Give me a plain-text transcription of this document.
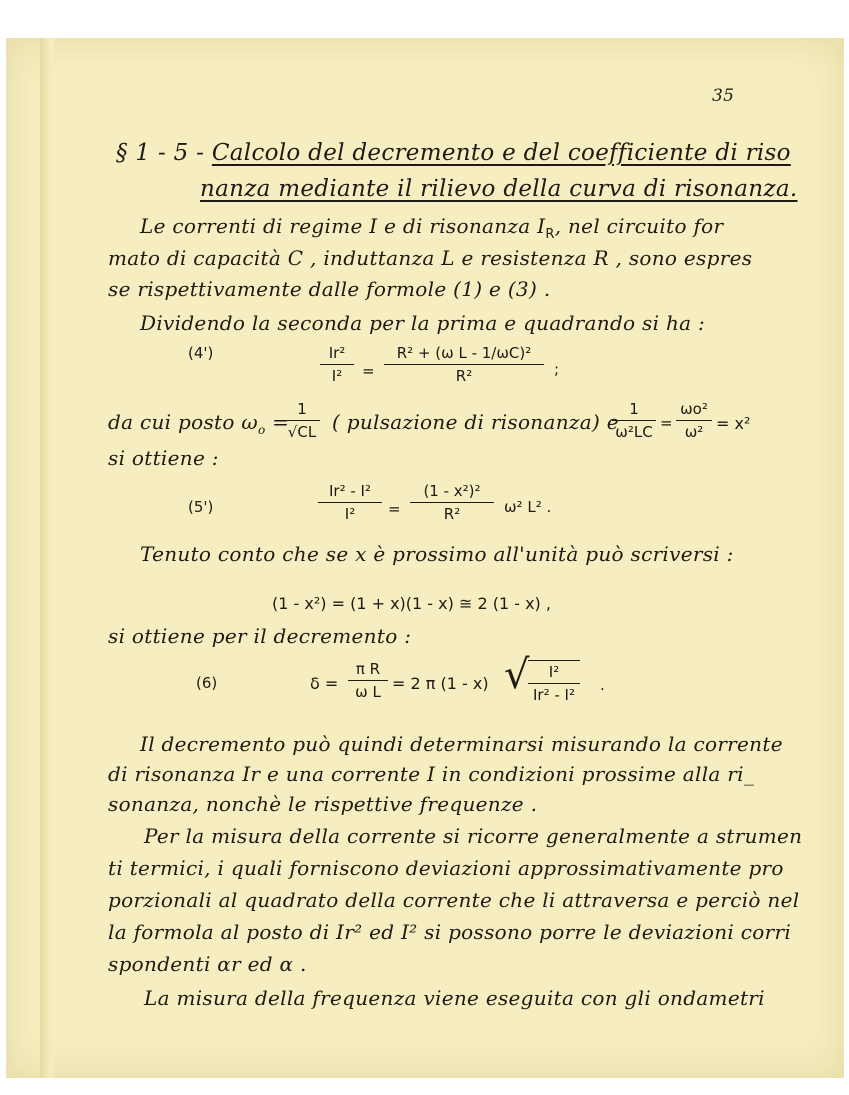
35
§ 1 - 5 - Calcolo del decremento e del coefficiente di riso
nanza mediante il rilievo della curva di risonanza.
Le correnti di regime I e di risonanza $I_R$, nel circuito for
mato di capacità C , induttanza L e resistenza R , sono espres
se rispettivamente dalle formole (1) e (3) .
Dividendo la seconda per la prima e quadrando si ha :
(4')	Ir²
I²	=
R² + (ω L - 1/ωC)²
R²	;
da cui posto $\omega_o$ =
1
√CL ( pulsazione di risonanza) e
1
ω²LC =
ωo²
ω² = x²
si ottiene :
(5')
Ir² - I²
I²	=
(1 - x²)²
R²	ω² L² .
Tenuto conto che se x è prossimo all'unità può scriversi :
(1 - x²) = (1 + x)(1 - x) ≅ 2 (1 - x) ,
si ottiene per il decremento :
(6)	δ =
π R
ω L = 2 π (1 - x) √	I²
Ir² - I²
.
Il decremento può quindi determinarsi misurando la corrente
di risonanza Ir e una corrente I in condizioni prossime alla ri_
sonanza, nonchè le rispettive frequenze .
Per la misura della corrente si ricorre generalmente a strumen
ti termici, i quali forniscono deviazioni approssimativamente pro
porzionali al quadrato della corrente che li attraversa e perciò nel
la formola al posto di Ir² ed I² si possono porre le deviazioni corri
spondenti αr ed α .
La misura della frequenza viene eseguita con gli ondametri
